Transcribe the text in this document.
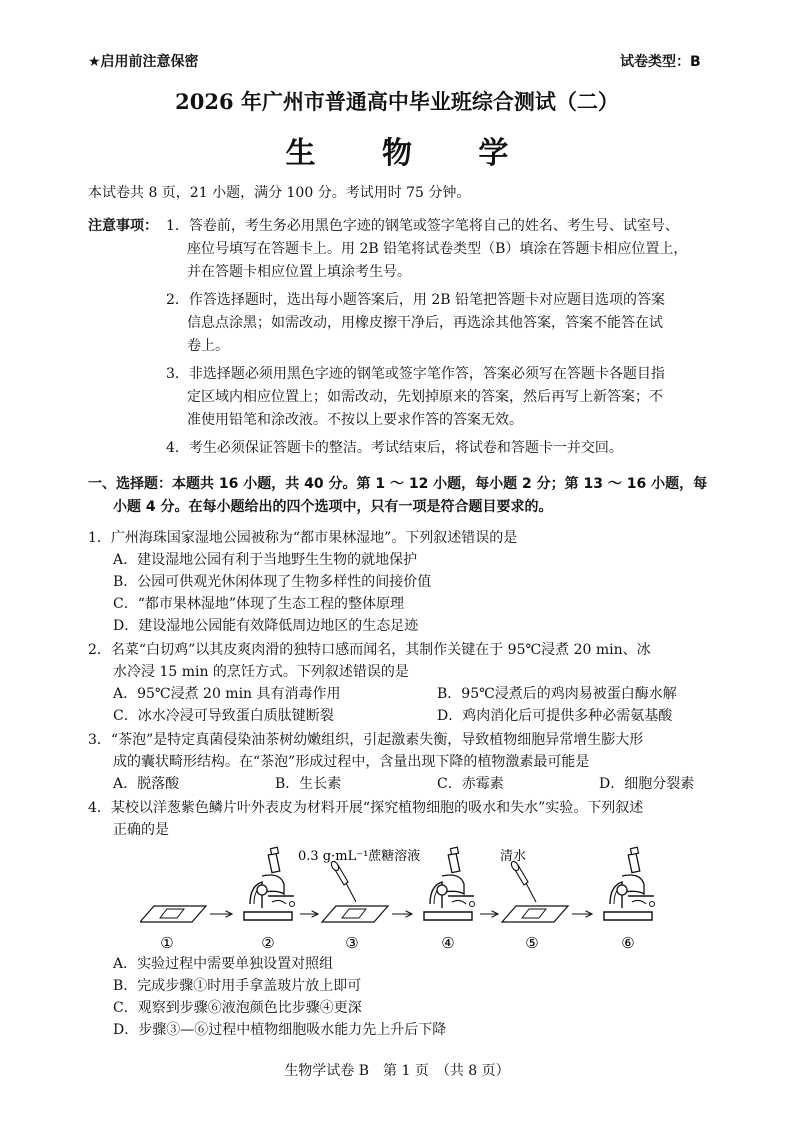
★启用前注意保密	试卷类型：B
2026 年广州市普通高中毕业班综合测试（二）
生 物 学
本试卷共 8 页，21 小题，满分 100 分。考试用时 75 分钟。
注意事项： 1．答卷前，考生务必用黑色字迹的钢笔或签字笔将自己的姓名、考生号、试室号、
座位号填写在答题卡上。用 2B 铅笔将试卷类型（B）填涂在答题卡相应位置上，
并在答题卡相应位置上填涂考生号。
2．作答选择题时，选出每小题答案后，用 2B 铅笔把答题卡对应题目选项的答案
信息点涂黑；如需改动，用橡皮擦干净后，再选涂其他答案，答案不能答在试
卷上。
3．非选择题必须用黑色字迹的钢笔或签字笔作答，答案必须写在答题卡各题目指
定区域内相应位置上；如需改动，先划掉原来的答案，然后再写上新答案；不
准使用铅笔和涂改液。不按以上要求作答的答案无效。
4．考生必须保证答题卡的整洁。考试结束后，将试卷和答题卡一并交回。
一、选择题：本题共 16 小题，共 40 分。第 1 ～ 12 小题，每小题 2 分；第 13 ～ 16 小题，每
小题 4 分。在每小题给出的四个选项中，只有一项是符合题目要求的。
1．广州海珠国家湿地公园被称为“都市果林湿地”。下列叙述错误的是
A．建设湿地公园有利于当地野生生物的就地保护
B．公园可供观光休闲体现了生物多样性的间接价值
C．“都市果林湿地”体现了生态工程的整体原理
D．建设湿地公园能有效降低周边地区的生态足迹
2．名菜“白切鸡”以其皮爽肉滑的独特口感而闻名，其制作关键在于 95℃浸煮 20 min、冰
水冷浸 15 min 的烹饪方式。下列叙述错误的是
A．95℃浸煮 20 min 具有消毒作用	B．95℃浸煮后的鸡肉易被蛋白酶水解
C．冰水冷浸可导致蛋白质肽键断裂	D．鸡肉消化后可提供多种必需氨基酸
3．“茶泡”是特定真菌侵染油茶树幼嫩组织，引起激素失衡，导致植物细胞异常增生膨大形
成的囊状畸形结构。在“茶泡”形成过程中，含量出现下降的植物激素最可能是
A．脱落酸	B．生长素	C．赤霉素	D．细胞分裂素
4．某校以洋葱紫色鳞片叶外表皮为材料开展“探究植物细胞的吸水和失水”实验。下列叙述
正确的是
0.3 g·mL⁻¹蔗糖溶液	清水
①	②	③	④	⑤	⑥
A．实验过程中需要单独设置对照组
B．完成步骤①时用手拿盖玻片放上即可
C．观察到步骤⑥液泡颜色比步骤④更深
D．步骤③—⑥过程中植物细胞吸水能力先上升后下降
生物学试卷 B　第 1 页　（共 8 页）
